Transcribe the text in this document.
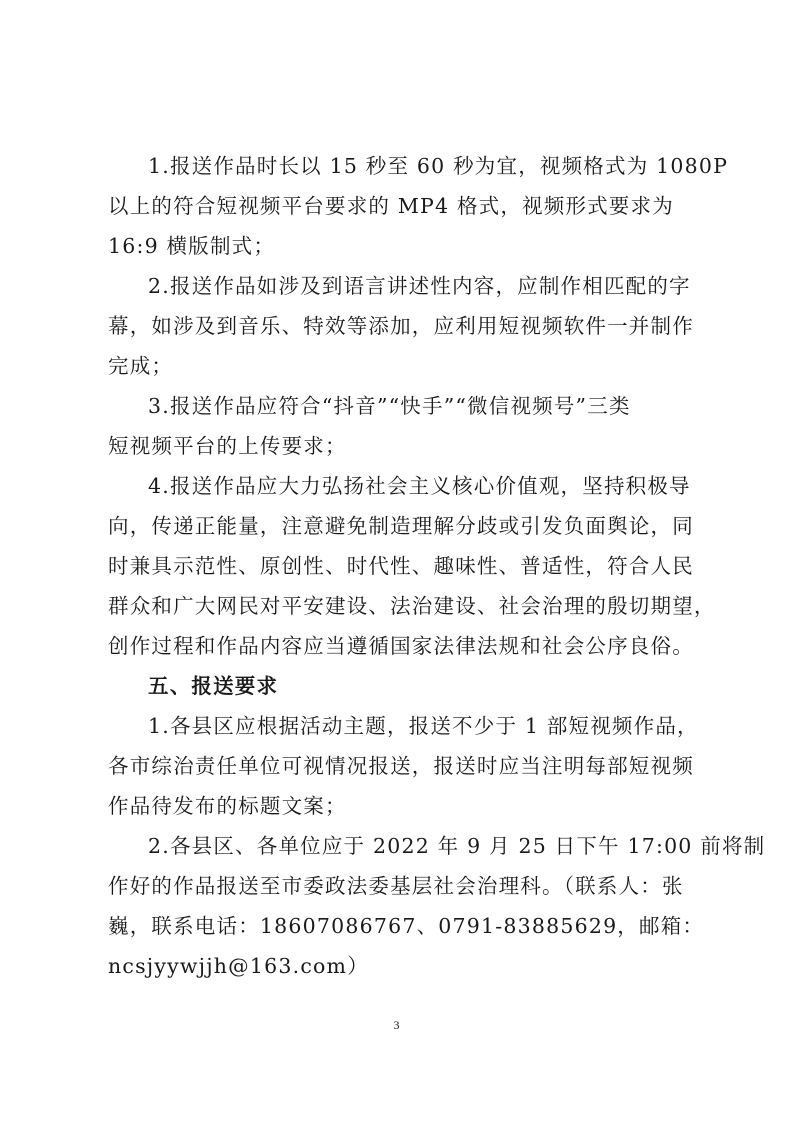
1.报送作品时长以 15 秒至 60 秒为宜，视频格式为 1080P
以上的符合短视频平台要求的 MP4 格式，视频形式要求为
16:9 横版制式；
2.报送作品如涉及到语言讲述性内容，应制作相匹配的字
幕，如涉及到音乐、特效等添加，应利用短视频软件一并制作
完成；
3.报送作品应符合“抖音”“快手”“微信视频号”三类
短视频平台的上传要求；
4.报送作品应大力弘扬社会主义核心价值观，坚持积极导
向，传递正能量，注意避免制造理解分歧或引发负面舆论，同
时兼具示范性、原创性、时代性、趣味性、普适性，符合人民
群众和广大网民对平安建设、法治建设、社会治理的殷切期望，
创作过程和作品内容应当遵循国家法律法规和社会公序良俗。
五、报送要求
1.各县区应根据活动主题，报送不少于 1 部短视频作品，
各市综治责任单位可视情况报送，报送时应当注明每部短视频
作品待发布的标题文案；
2.各县区、各单位应于 2022 年 9 月 25 日下午 17:00 前将制
作好的作品报送至市委政法委基层社会治理科。（联系人：张
巍，联系电话：18607086767、0791-83885629，邮箱：
ncsjyywjjh@163.com）
3
